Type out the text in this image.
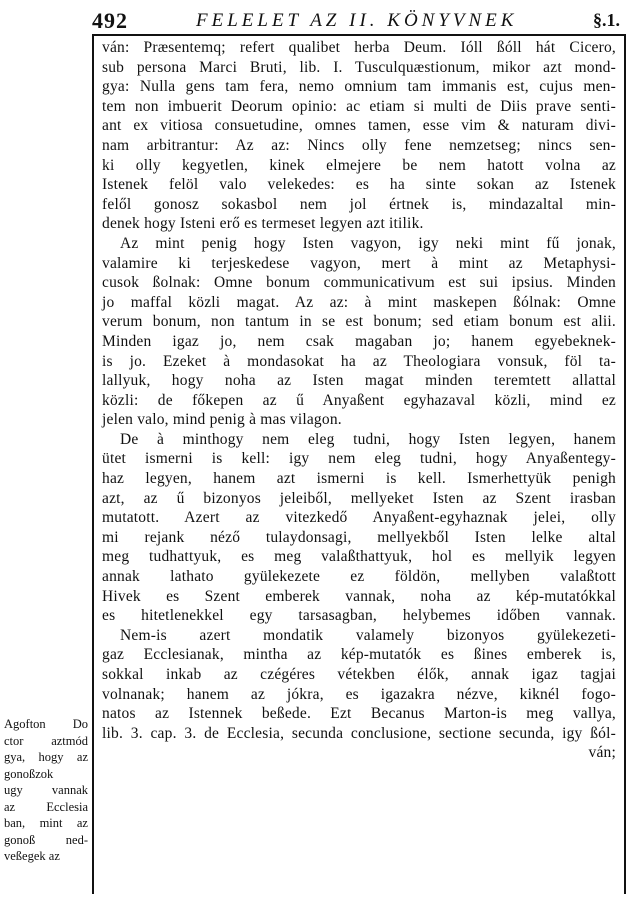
492	FELELET AZ II. KÖNYVNEK	§.1.
ván: Præsentemq; refert qualibet herba Deum. Ióll ßóll hát Cicero,
sub persona Marci Bruti, lib. I. Tusculquæstionum, mikor azt mond-
gya: Nulla gens tam fera, nemo omnium tam immanis est, cujus men-
tem non imbuerit Deorum opinio: ac etiam si multi de Diis prave senti-
ant ex vitiosa consuetudine, omnes tamen, esse vim & naturam divi-
nam arbitrantur: Az az: Nincs olly fene nemzetseg; nincs sen-
ki olly kegyetlen, kinek elmejere be nem hatott volna az
Istenek felöl valo velekedes: es ha sinte sokan az Istenek
felől gonosz sokasbol nem jol értnek is, mindazaltal min-
denek hogy Isteni erő es termeset legyen azt itilik.
Az mint penig hogy Isten vagyon, igy neki mint fű jonak,
valamire ki terjeskedese vagyon, mert à mint az Metaphysi-
cusok ßolnak: Omne bonum communicativum est sui ipsius. Minden
jo maffal közli magat. Az az: à mint maskepen ßólnak: Omne
verum bonum, non tantum in se est bonum; sed etiam bonum est alii.
Minden igaz jo, nem csak magaban jo; hanem egyebeknek-
is jo. Ezeket à mondasokat ha az Theologiara vonsuk, föl ta-
lallyuk, hogy noha az Isten magat minden teremtett allattal
közli: de főkepen az ű Anyaßent egyhazaval közli, mind ez
jelen valo, mind penig à mas vilagon.
De à minthogy nem eleg tudni, hogy Isten legyen, hanem
ütet ismerni is kell: igy nem eleg tudni, hogy Anyaßentegy-
haz legyen, hanem azt ismerni is kell. Ismerhettyük penigh
azt, az ű bizonyos jeleiből, mellyeket Isten az Szent irasban
mutatott. Azert az vitezkedő Anyaßent-egyhaznak jelei, olly
mi rejank néző tulaydonsagi, mellyekből Isten lelke altal
meg tudhattyuk, es meg valaßthattyuk, hol es mellyik legyen
annak lathato gyülekezete ez földön, mellyben valaßtott
Hivek es Szent emberek vannak, noha az kép-mutatókkal
es hitetlenekkel egy tarsasagban, helybemes időben vannak.
Nem-is azert mondatik valamely bizonyos gyülekezeti-
gaz Ecclesianak, mintha az kép-mutatók es ßines emberek is,
sokkal inkab az czégéres vétekben élők, annak igaz tagjai
volnanak; hanem az jókra, es igazakra nézve, kiknél fogo-
natos az Istennek beßede. Ezt Becanus Marton-is meg vallya,
lib. 3. cap. 3. de Ecclesia, secunda conclusione, sectione secunda, igy ßól-
ván;
Agofton Do
ctor aztmód
gya, hogy az
gonoßzok
ugy vannak
az Ecclesia
ban, mint az
gonoß ned-
veßegek az
